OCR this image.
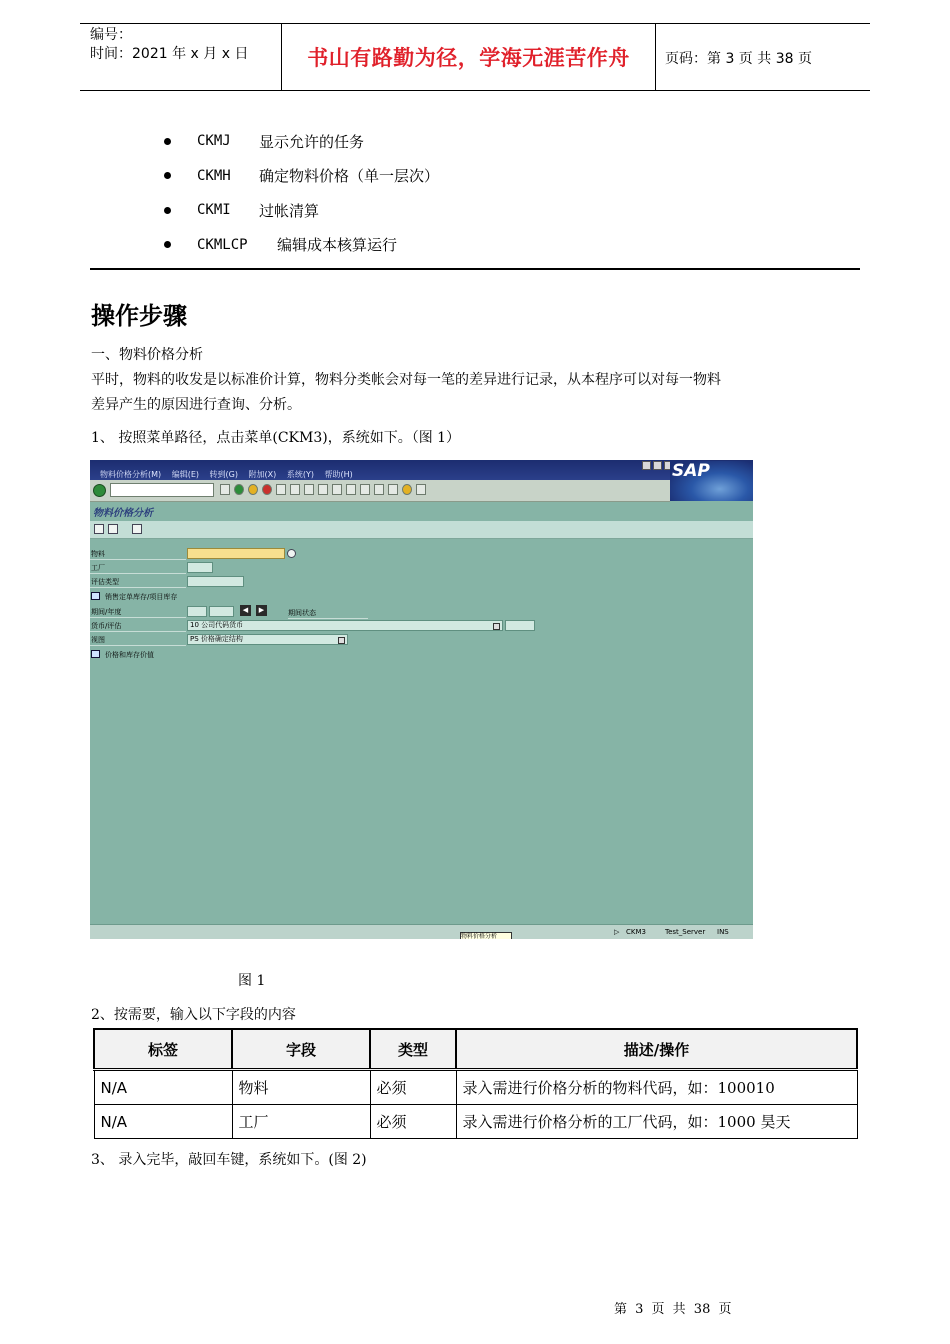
编号：
时间：2021 年 x 月 x 日	书山有路勤为径，学海无涯苦作舟	页码：第 3 页 共 38 页
CKMJ	显示允许的任务
CKMH	确定物料价格（单一层次）
CKMI	过帐清算
CKMLCP	编辑成本核算运行
操作步骤
一、物料价格分析
平时，物料的收发是以标准价计算，物料分类帐会对每一笔的差异进行记录，从本程序可以对每一物料
差异产生的原因进行查询、分析。
1、 按照菜单路径，点击菜单(CKM3)，系统如下。（图 1）
物料价格分析(M) 编辑(E) 转到(G) 附加(X) 系统(Y) 帮助(H)	SAP
物料价格分析
物料
工厂
评估类型
销售定单库存/项目库存
期间/年度	◀	▶	期间状态
货币/评估	10 公司代码货币
视图	PS 价格确定结构
价格和库存价值
▷ CKM3	Test_Server INS
物料价格分析
图 1
2、按需要，输入以下字段的内容
标签	字段	类型	描述/操作
N/A	物料	必须	录入需进行价格分析的物料代码，如：100010
N/A	工厂	必须	录入需进行价格分析的工厂代码，如：1000 昊天
3、 录入完毕，敲回车键，系统如下。(图 2)
第 3 页 共 38 页
